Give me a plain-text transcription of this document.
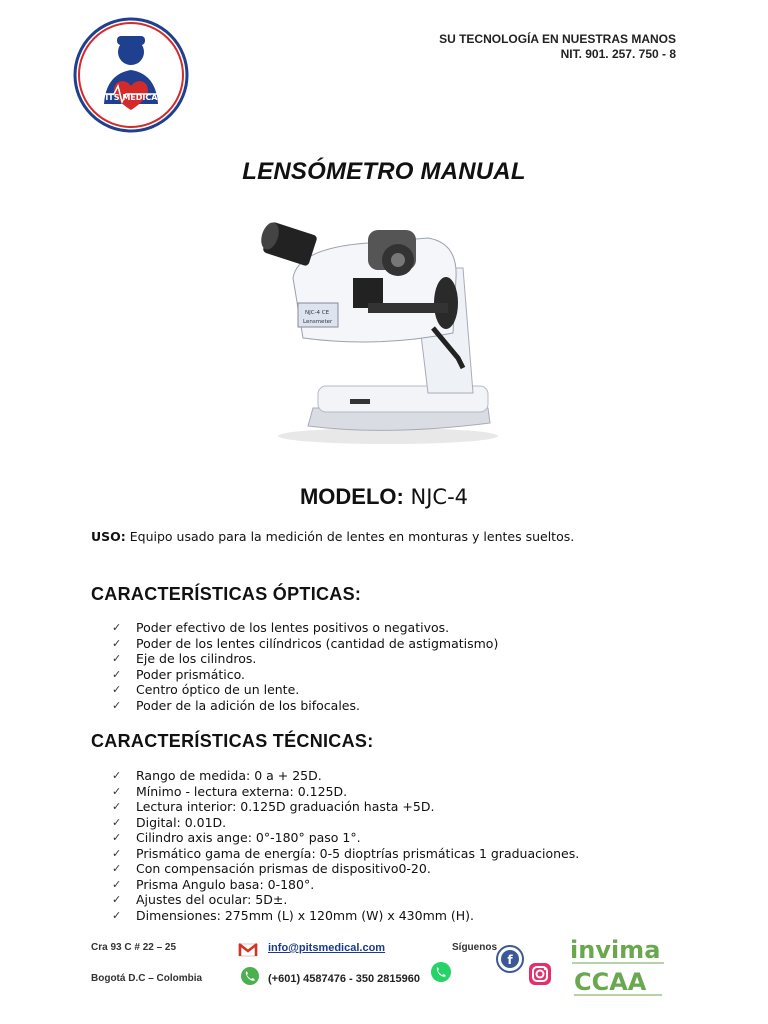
PITS MEDICAL
SU TECNOLOGÍA EN NUESTRAS MANOS
NIT. 901. 257. 750 - 8
LENSÓMETRO MANUAL
NJC-4 CE
Lensmeter
MODELO: NJC-4
USO: Equipo usado para la medición de lentes en monturas y lentes sueltos.
CARACTERÍSTICAS ÓPTICAS:
✓ Poder efectivo de los lentes positivos o negativos.
✓ Poder de los lentes cilíndricos (cantidad de astigmatismo)
✓ Eje de los cilindros.
✓ Poder prismático.
✓ Centro óptico de un lente.
✓ Poder de la adición de los bifocales.
CARACTERÍSTICAS TÉCNICAS:
✓ Rango de medida: 0 a + 25D.
✓ Mínimo - lectura externa: 0.125D.
✓ Lectura interior: 0.125D graduación hasta +5D.
✓ Digital: 0.01D.
✓ Cilindro axis ange: 0°-180° paso 1°.
✓ Prismático gama de energía: 0-5 dioptrías prismáticas 1 graduaciones.
✓ Con compensación prismas de dispositivo0-20.
✓ Prisma Angulo basa: 0-180°.
✓ Ajustes del ocular: 5D±.
✓ Dimensiones: 275mm (L) x 120mm (W) x 430mm (H).
Cra 93 C # 22 – 25
Bogotá D.C – Colombia
info@pitsmedical.com
(+601) 4587476 - 350 2815960
Síguenos
f invima
CCAA
